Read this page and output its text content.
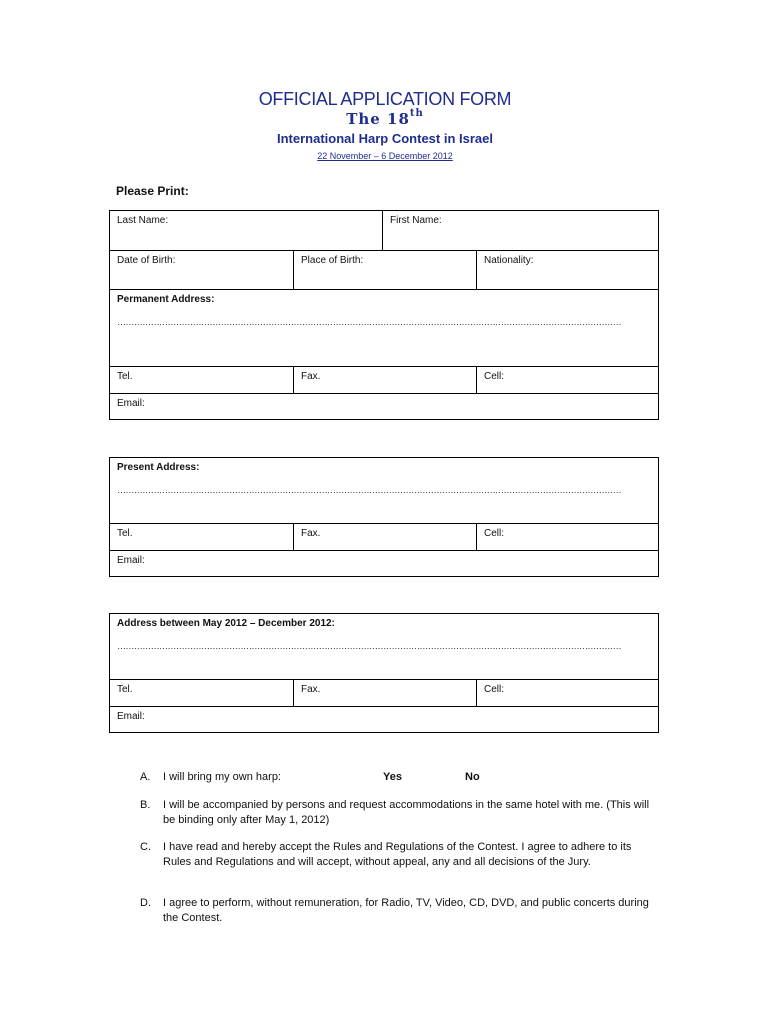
OFFICIAL APPLICATION FORM
The 18th
International Harp Contest in Israel
22 November – 6 December 2012
Please Print:
Last Name:	First Name:
Date of Birth:	Place of Birth:	Nationality:
Permanent Address:
………………………………………………………………………………………………………………………………………………………………
Tel.	Fax.	Cell:
Email:
Present Address:
………………………………………………………………………………………………………………………………………………………………
Tel.	Fax.	Cell:
Email:
Address between May 2012 – December 2012:
………………………………………………………………………………………………………………………………………………………………
Tel.	Fax.	Cell:
Email:
A. I will bring my own harp:	Yes	No
B. I will be accompanied by persons and request accommodations in the same hotel with me. (This will be binding only after May 1, 2012)
C. I have read and hereby accept the Rules and Regulations of the Contest. I agree to adhere to its Rules and Regulations and will accept, without appeal, any and all decisions of the Jury.
D. I agree to perform, without remuneration, for Radio, TV, Video, CD, DVD, and public concerts during the Contest.
